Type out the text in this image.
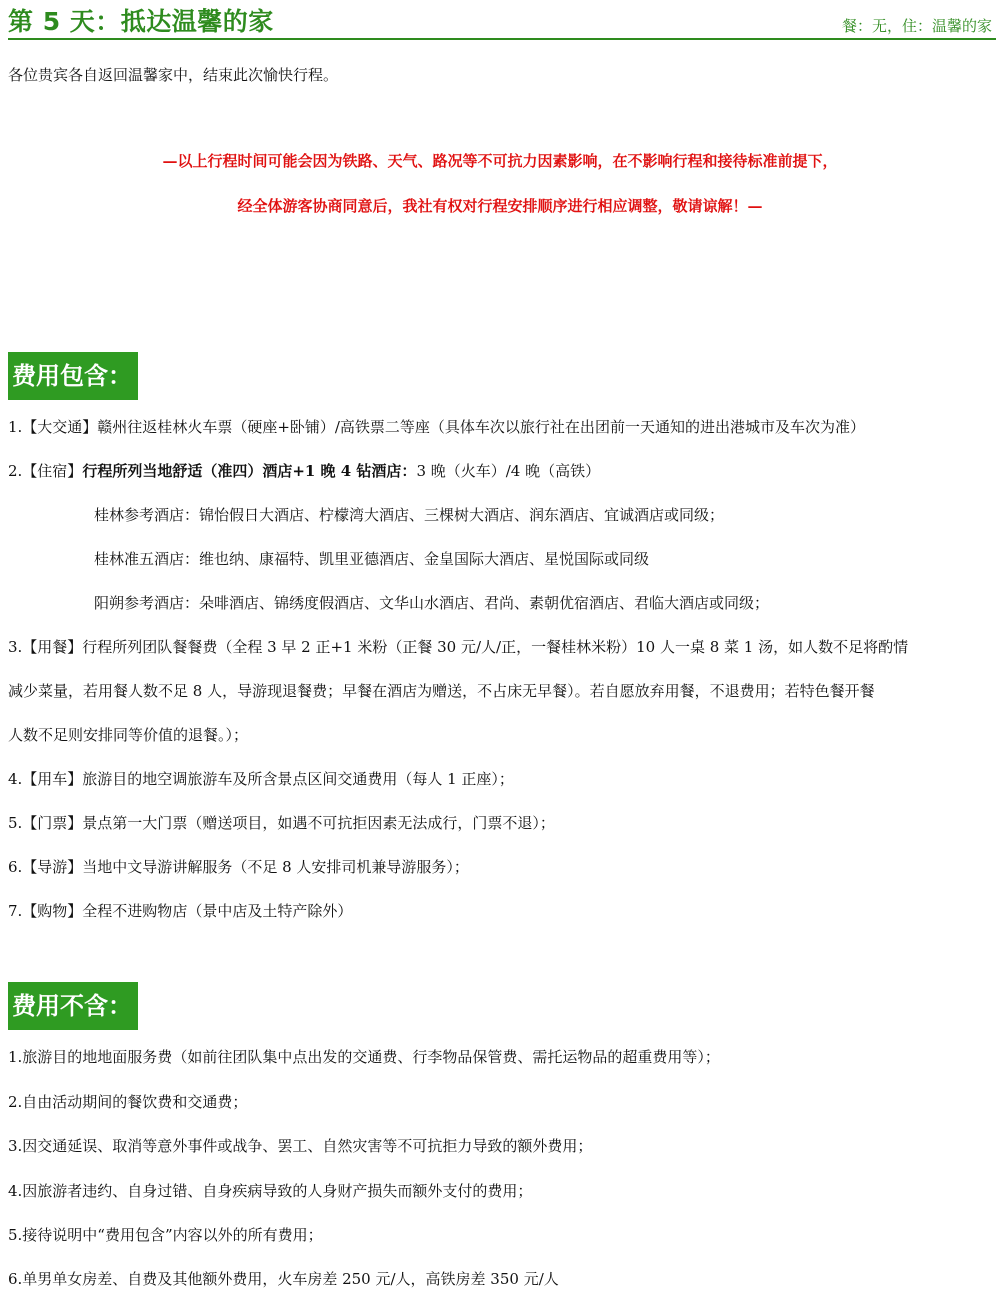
第 5 天：抵达温馨的家	餐：无，住：温馨的家
各位贵宾各自返回温馨家中，结束此次愉快行程。
—以上行程时间可能会因为铁路、天气、路况等不可抗力因素影响，在不影响行程和接待标准前提下，
经全体游客协商同意后，我社有权对行程安排顺序进行相应调整，敬请谅解！—
费用包含：
1.【大交通】赣州往返桂林火车票（硬座+卧铺）/高铁票二等座（具体车次以旅行社在出团前一天通知的进出港城市及车次为准）
2.【住宿】行程所列当地舒适（准四）酒店+1 晚 4 钻酒店：3 晚（火车）/4 晚（高铁）
桂林参考酒店：锦怡假日大酒店、柠檬湾大酒店、三棵树大酒店、润东酒店、宜诚酒店或同级；
桂林准五酒店：维也纳、康福特、凯里亚德酒店、金皇国际大酒店、星悦国际或同级
阳朔参考酒店：朵啡酒店、锦绣度假酒店、文华山水酒店、君尚、素朝优宿酒店、君临大酒店或同级；
3.【用餐】行程所列团队餐餐费（全程 3 早 2 正+1 米粉（正餐 30 元/人/正，一餐桂林米粉）10 人一桌 8 菜 1 汤，如人数不足将酌情
减少菜量，若用餐人数不足 8 人，导游现退餐费；早餐在酒店为赠送，不占床无早餐）。若自愿放弃用餐，不退费用；若特色餐开餐
人数不足则安排同等价值的退餐。）；
4.【用车】旅游目的地空调旅游车及所含景点区间交通费用（每人 1 正座）；
5.【门票】景点第一大门票（赠送项目，如遇不可抗拒因素无法成行，门票不退）；
6.【导游】当地中文导游讲解服务（不足 8 人安排司机兼导游服务）；
7.【购物】全程不进购物店（景中店及土特产除外）
费用不含：
1.旅游目的地地面服务费（如前往团队集中点出发的交通费、行李物品保管费、需托运物品的超重费用等）；
2.自由活动期间的餐饮费和交通费；
3.因交通延误、取消等意外事件或战争、罢工、自然灾害等不可抗拒力导致的额外费用；
4.因旅游者违约、自身过错、自身疾病导致的人身财产损失而额外支付的费用；
5.接待说明中“费用包含”内容以外的所有费用；
6.单男单女房差、自费及其他额外费用，火车房差 250 元/人，高铁房差 350 元/人
